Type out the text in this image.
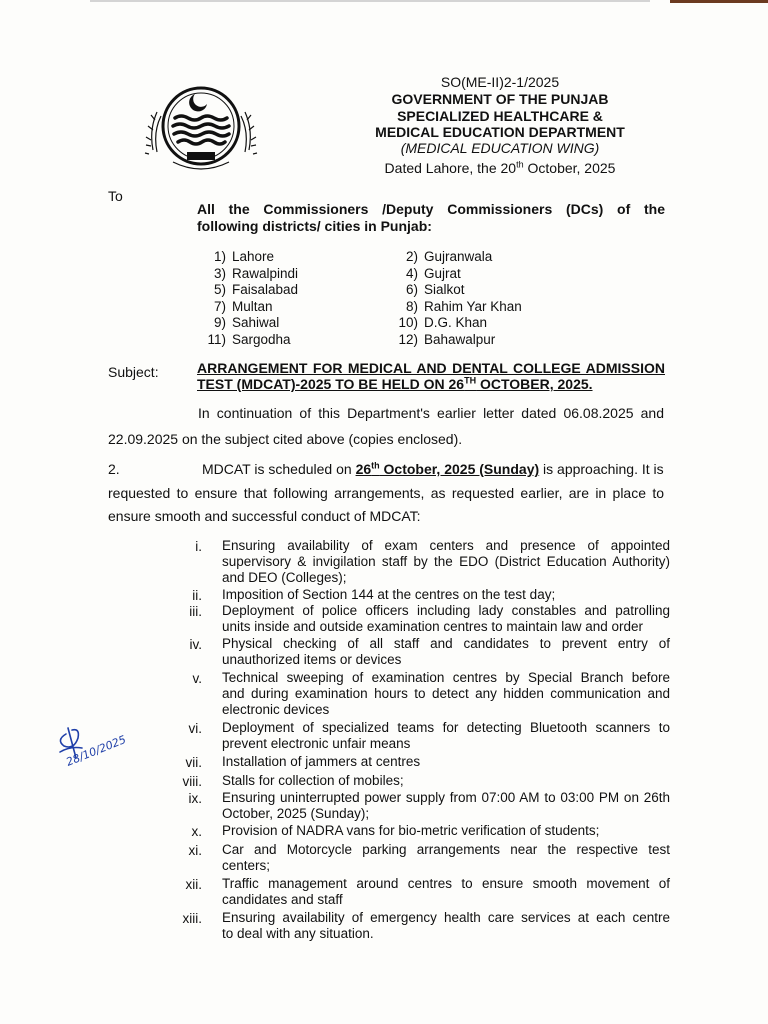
SO(ME-II)2-1/2025
GOVERNMENT OF THE PUNJAB
SPECIALIZED HEALTHCARE &
MEDICAL EDUCATION DEPARTMENT
(MEDICAL EDUCATION WING)
Dated Lahore, the 20th October, 2025
To
All the Commissioners /Deputy Commissioners (DCs) of the
following districts/ cities in Punjab:
1) Lahore	2) Gujranwala
3) Rawalpindi	4) Gujrat
5) Faisalabad	6) Sialkot
7) Multan	8) Rahim Yar Khan
9) Sahiwal	10) D.G. Khan
11) Sargodha	12) Bahawalpur
Subject:	ARRANGEMENT FOR MEDICAL AND DENTAL COLLEGE ADMISSION
TEST (MDCAT)-2025 TO BE HELD ON 26TH OCTOBER, 2025.
In continuation of this Department's earlier letter dated 06.08.2025 and
22.09.2025 on the subject cited above (copies enclosed).
2.	MDCAT is scheduled on 26th October, 2025 (Sunday) is approaching. It is
requested to ensure that following arrangements, as requested earlier, are in place to
ensure smooth and successful conduct of MDCAT:
i. Ensuring availability of exam centers and presence of appointed
supervisory & invigilation staff by the EDO (District Education Authority)
and DEO (Colleges);
ii. Imposition of Section 144 at the centres on the test day;
iii. Deployment of police officers including lady constables and patrolling
units inside and outside examination centres to maintain law and order
iv. Physical checking of all staff and candidates to prevent entry of
unauthorized items or devices
v. Technical sweeping of examination centres by Special Branch before
and during examination hours to detect any hidden communication and
electronic devices
vi. Deployment of specialized teams for detecting Bluetooth scanners to
prevent electronic unfair means
vii. Installation of jammers at centres
viii. Stalls for collection of mobiles;
ix. Ensuring uninterrupted power supply from 07:00 AM to 03:00 PM on 26th
October, 2025 (Sunday);
x. Provision of NADRA vans for bio-metric verification of students;
xi. Car and Motorcycle parking arrangements near the respective test
centers;
xii. Traffic management around centres to ensure smooth movement of
candidates and staff
xiii. Ensuring availability of emergency health care services at each centre
to deal with any situation.
28/10/2025
